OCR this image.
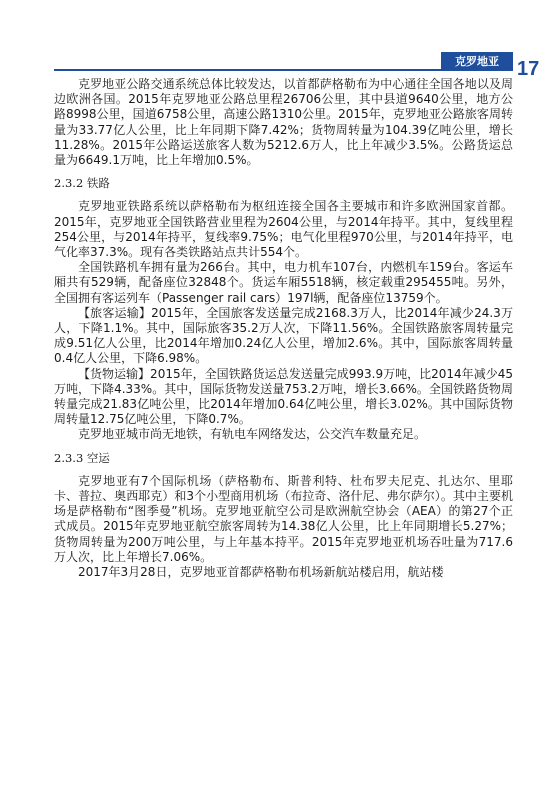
克罗地亚 17

克罗地亚公路交通系统总体比较发达，以首都萨格勒布为中心通往全国各地以及周边欧洲各国。2015年克罗地亚公路总里程26706公里，其中县道9640公里，地方公路8998公里，国道6758公里，高速公路1310公里。2015年，克罗地亚公路旅客周转量为33.77亿人公里，比上年同期下降7.42%；货物周转量为104.39亿吨公里，增长11.28%。2015年公路运送旅客人数为5212.6万人，比上年减少3.5%。公路货运总量为6649.1万吨，比上年增加0.5%。

2.3.2 铁路

克罗地亚铁路系统以萨格勒布为枢纽连接全国各主要城市和许多欧洲国家首都。2015年，克罗地亚全国铁路营业里程为2604公里，与2014年持平。其中，复线里程254公里，与2014年持平，复线率9.75%；电气化里程970公里，与2014年持平，电气化率37.3%。现有各类铁路站点共计554个。

全国铁路机车拥有量为266台。其中，电力机车107台，内燃机车159台。客运车厢共有529辆，配备座位32848个。货运车厢5518辆，核定载重295455吨。另外，全国拥有客运列车（Passenger rail cars）197l辆，配备座位13759个。

【旅客运输】2015年，全国旅客发送量完成2168.3万人，比2014年减少24.3万人，下降1.1%。其中，国际旅客35.2万人次，下降11.56%。全国铁路旅客周转量完成9.51亿人公里，比2014年增加0.24亿人公里，增加2.6%。其中，国际旅客周转量0.4亿人公里，下降6.98%。

【货物运输】2015年，全国铁路货运总发送量完成993.9万吨，比2014年减少45万吨，下降4.33%。其中，国际货物发送量753.2万吨，增长3.66%。全国铁路货物周转量完成21.83亿吨公里，比2014年增加0.64亿吨公里，增长3.02%。其中国际货物周转量12.75亿吨公里，下降0.7%。

克罗地亚城市尚无地铁，有轨电车网络发达，公交汽车数量充足。

2.3.3 空运

克罗地亚有7个国际机场（萨格勒布、斯普利特、杜布罗夫尼克、扎达尔、里耶卡、普拉、奥西耶克）和3个小型商用机场（布拉奇、洛什尼、弗尔萨尔）。其中主要机场是萨格勒布“图季曼”机场。克罗地亚航空公司是欧洲航空协会（AEA）的第27个正式成员。2015年克罗地亚航空旅客周转为14.38亿人公里，比上年同期增长5.27%；货物周转量为200万吨公里，与上年基本持平。2015年克罗地亚机场吞吐量为717.6万人次，比上年增长7.06%。

2017年3月28日，克罗地亚首都萨格勒布机场新航站楼启用，航站楼
